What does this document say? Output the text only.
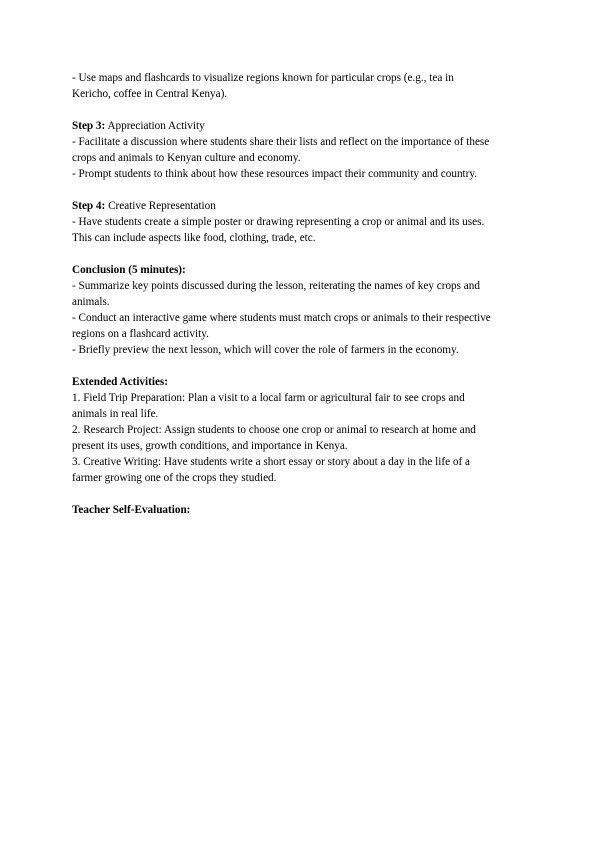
- Use maps and flashcards to visualize regions known for particular crops (e.g., tea in
Kericho, coffee in Central Kenya).
Step 3: Appreciation Activity
- Facilitate a discussion where students share their lists and reflect on the importance of these
crops and animals to Kenyan culture and economy.
- Prompt students to think about how these resources impact their community and country.
Step 4: Creative Representation
- Have students create a simple poster or drawing representing a crop or animal and its uses.
This can include aspects like food, clothing, trade, etc.
Conclusion (5 minutes):
- Summarize key points discussed during the lesson, reiterating the names of key crops and
animals.
- Conduct an interactive game where students must match crops or animals to their respective
regions on a flashcard activity.
- Briefly preview the next lesson, which will cover the role of farmers in the economy.
Extended Activities:
1. Field Trip Preparation: Plan a visit to a local farm or agricultural fair to see crops and
animals in real life.
2. Research Project: Assign students to choose one crop or animal to research at home and
present its uses, growth conditions, and importance in Kenya.
3. Creative Writing: Have students write a short essay or story about a day in the life of a
farmer growing one of the crops they studied.
Teacher Self-Evaluation:
